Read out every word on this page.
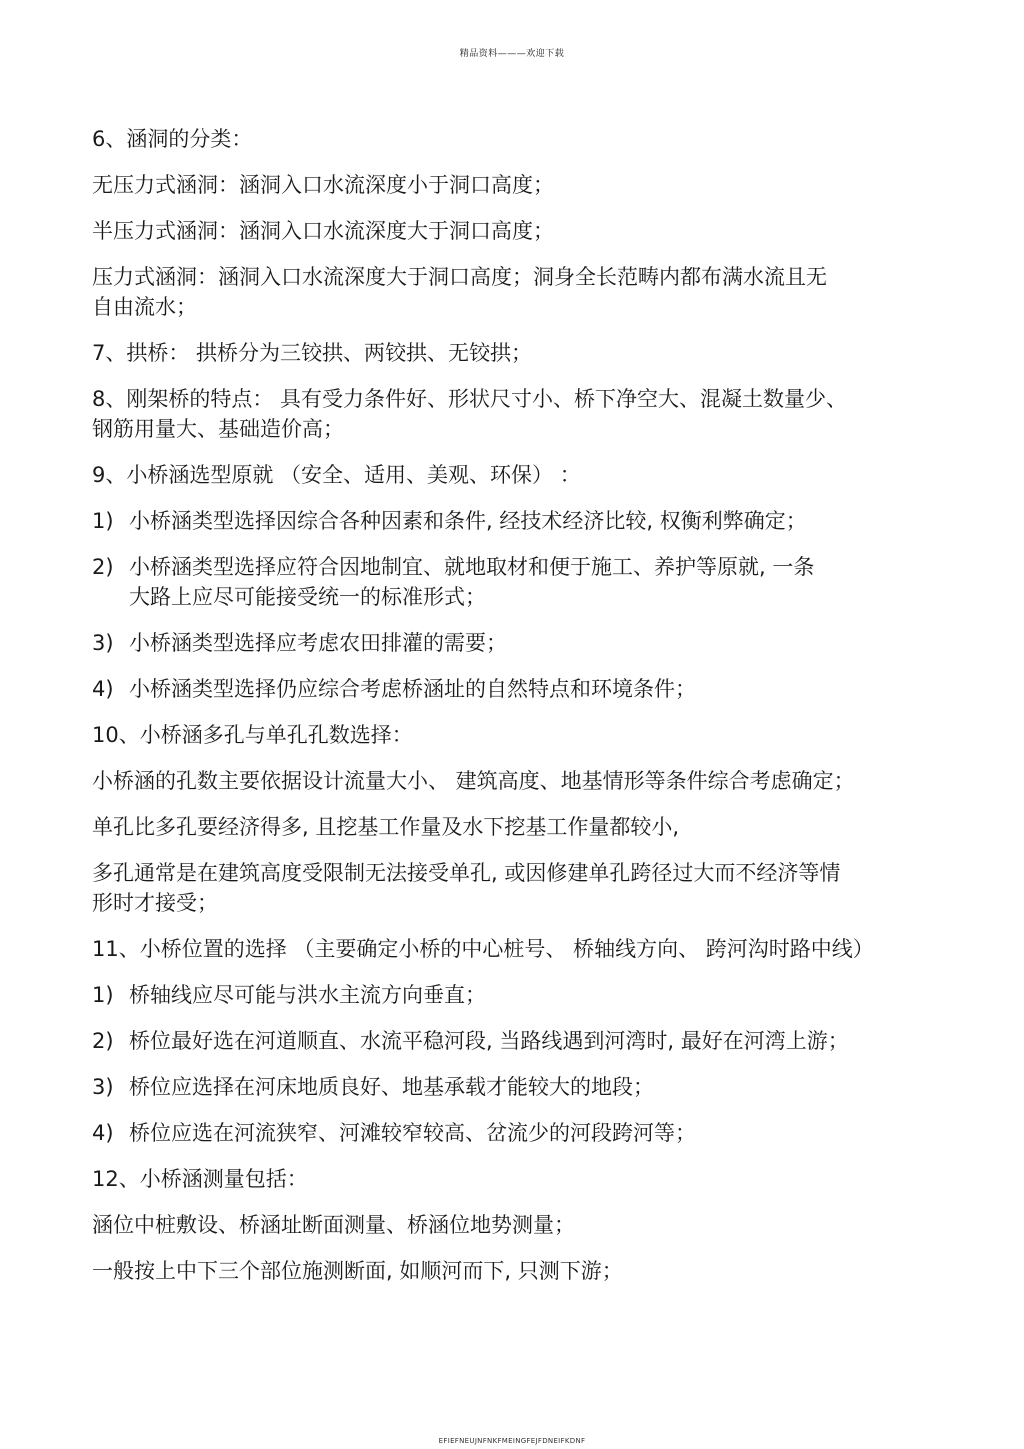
精品资料———欢迎下载
6、涵洞的分类：
无压力式涵洞：涵洞入口水流深度小于洞口高度；
半压力式涵洞：涵洞入口水流深度大于洞口高度；
压力式涵洞：涵洞入口水流深度大于洞口高度；洞身全长范畴内都布满水流且无
自由流水；
7、拱桥： 拱桥分为三铰拱、两铰拱、无铰拱；
8、刚架桥的特点： 具有受力条件好、形状尺寸小、桥下净空大、混凝土数量少、
钢筋用量大、基础造价高；
9、小桥涵选型原就 （安全、适用、美观、环保） ：
1) 小桥涵类型选择因综合各种因素和条件, 经技术经济比较, 权衡利弊确定；
2) 小桥涵类型选择应符合因地制宜、就地取材和便于施工、养护等原就, 一条
大路上应尽可能接受统一的标准形式；
3) 小桥涵类型选择应考虑农田排灌的需要；
4) 小桥涵类型选择仍应综合考虑桥涵址的自然特点和环境条件；
10、小桥涵多孔与单孔孔数选择：
小桥涵的孔数主要依据设计流量大小、 建筑高度、地基情形等条件综合考虑确定；
单孔比多孔要经济得多, 且挖基工作量及水下挖基工作量都较小,
多孔通常是在建筑高度受限制无法接受单孔, 或因修建单孔跨径过大而不经济等情
形时才接受；
11、小桥位置的选择 （主要确定小桥的中心桩号、 桥轴线方向、 跨河沟时路中线）
1) 桥轴线应尽可能与洪水主流方向垂直；
2) 桥位最好选在河道顺直、水流平稳河段, 当路线遇到河湾时, 最好在河湾上游；
3) 桥位应选择在河床地质良好、地基承载才能较大的地段；
4) 桥位应选在河流狭窄、河滩较窄较高、岔流少的河段跨河等；
12、小桥涵测量包括：
涵位中桩敷设、桥涵址断面测量、桥涵位地势测量；
一般按上中下三个部位施测断面, 如顺河而下, 只测下游；
EFIEFNEUJNFNKFMEINGFEJFDNEIFKDNF
